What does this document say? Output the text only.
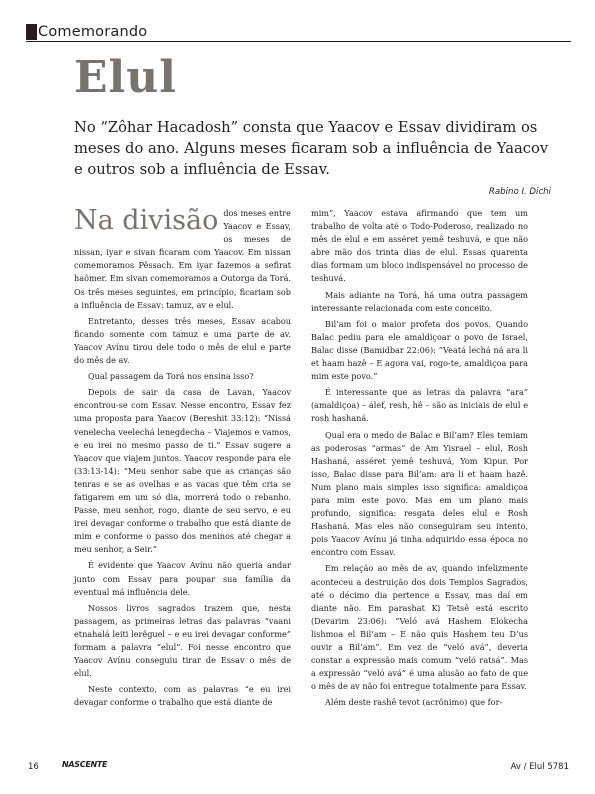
Comemorando
Elul
No “Zôhar Hacadosh” consta que Yaacov e Essav dividiram os meses do ano. Alguns meses ficaram sob a influência de Yaacov e outros sob a influência de Essav.
Rabino I. Dichi

Na divisão dos meses entre Yaacov e Essav, os meses de nissan, iyar e sivan ficaram com Yaacov. Em nissan comemoramos Pêssach. Em iyar fazemos a sefirat haômer. Em sivan comemoramos a Outorga da Torá. Os três meses seguintes, em princípio, ficariam sob a influência de Essav: tamuz, av e elul.

Entretanto, desses três meses, Essav acabou ficando somente com tamuz e uma parte de av. Yaacov Avínu tirou dele todo o mês de elul e parte do mês de av.

Qual passagem da Torá nos ensina isso?

Depois de sair da casa de Lavan, Yaacov encontrou-se com Essav. Nesse encontro, Essav fez uma proposta para Yaacov (Bereshit 33:12): “Nissá venelecha veelechá lenegdecha – Viajemos e vamos, e eu irei no mesmo passo de ti.” Essav sugere a Yaacov que viajem juntos. Yaacov responde para ele (33:13-14): “Meu senhor sabe que as crianças são tenras e se as ovelhas e as vacas que têm cria se fatigarem em um só dia, morrerá todo o rebanho. Passe, meu senhor, rogo, diante de seu servo, e eu irei devagar conforme o trabalho que está diante de mim e conforme o passo dos meninos até chegar a meu senhor, a Seir.”

É evidente que Yaacov Avínu não queria andar junto com Essav para poupar sua família da eventual má influência dele.

Nossos livros sagrados trazem que, nesta passagem, as primeiras letras das palavras “vaani etnahalá leiti lerêguel – e eu irei devagar conforme” formam a palavra “elul”. Foi nesse encontro que Yaacov Avínu conseguiu tirar de Essav o mês de elul.

Neste contexto, com as palavras “e eu irei devagar conforme o trabalho que está diante de

mim”, Yaacov estava afirmando que tem um trabalho de volta até o Todo-Poderoso, realizado no mês de elul e em asséret yemê teshuvá, e que não abre mão dos trinta dias de elul. Essas quarenta dias formam um bloco indispensável no processo de teshuvá.

Mais adiante na Torá, há uma outra passagem interessante relacionada com este conceito.

Bil’am foi o maior profeta dos povos. Quando Balac pediu para ele amaldiçoar o povo de Israel, Balac disse (Bamidbar 22:06): “Veatá lechá ná ara li et haam hazê – E agora vai, rogo-te, amaldiçoa para mim este povo.”

É interessante que as letras da palavra “ara” (amaldiçoa) – álef, resh, hê – são as iniciais de elul e rosh hashaná.

Qual era o medo de Balac e Bil’am? Eles temiam as poderosas “armas” de Am Yisrael – elul, Rosh Hashaná, asséret yemê teshuvá, Yom Kipur. Por isso, Balac disse para Bil’am: ara li et haam hazê. Num plano mais simples isso significa: amaldiçoa para mim este povo. Mas em um plano mais profundo, significa: resgata deles elul e Rosh Hashaná. Mas eles não conseguiram seu intento, pois Yaacov Avínu já tinha adquirido essa época no encontro com Essav.

Em relação ao mês de av, quando infelizmente aconteceu a destruição dos dois Templos Sagrados, até o décimo dia pertence a Essav, mas daí em diante não. Em parashat Ki Tetsê está escrito (Devarim 23:06): “Veló avá Hashem Elokecha lishmoa el Bil’am – E não quis Hashem teu D’us ouvir a Bil’am”. Em vez de “veló avá”, deveria constar a expressão mais comum “veló ratsá”. Mas a expressão “veló avá” é uma alusão ao fato de que o mês de av não foi entregue totalmente para Essav.

Além deste rashê tevot (acrônimo) que for-

16	NASCENTE	Av / Elul 5781
